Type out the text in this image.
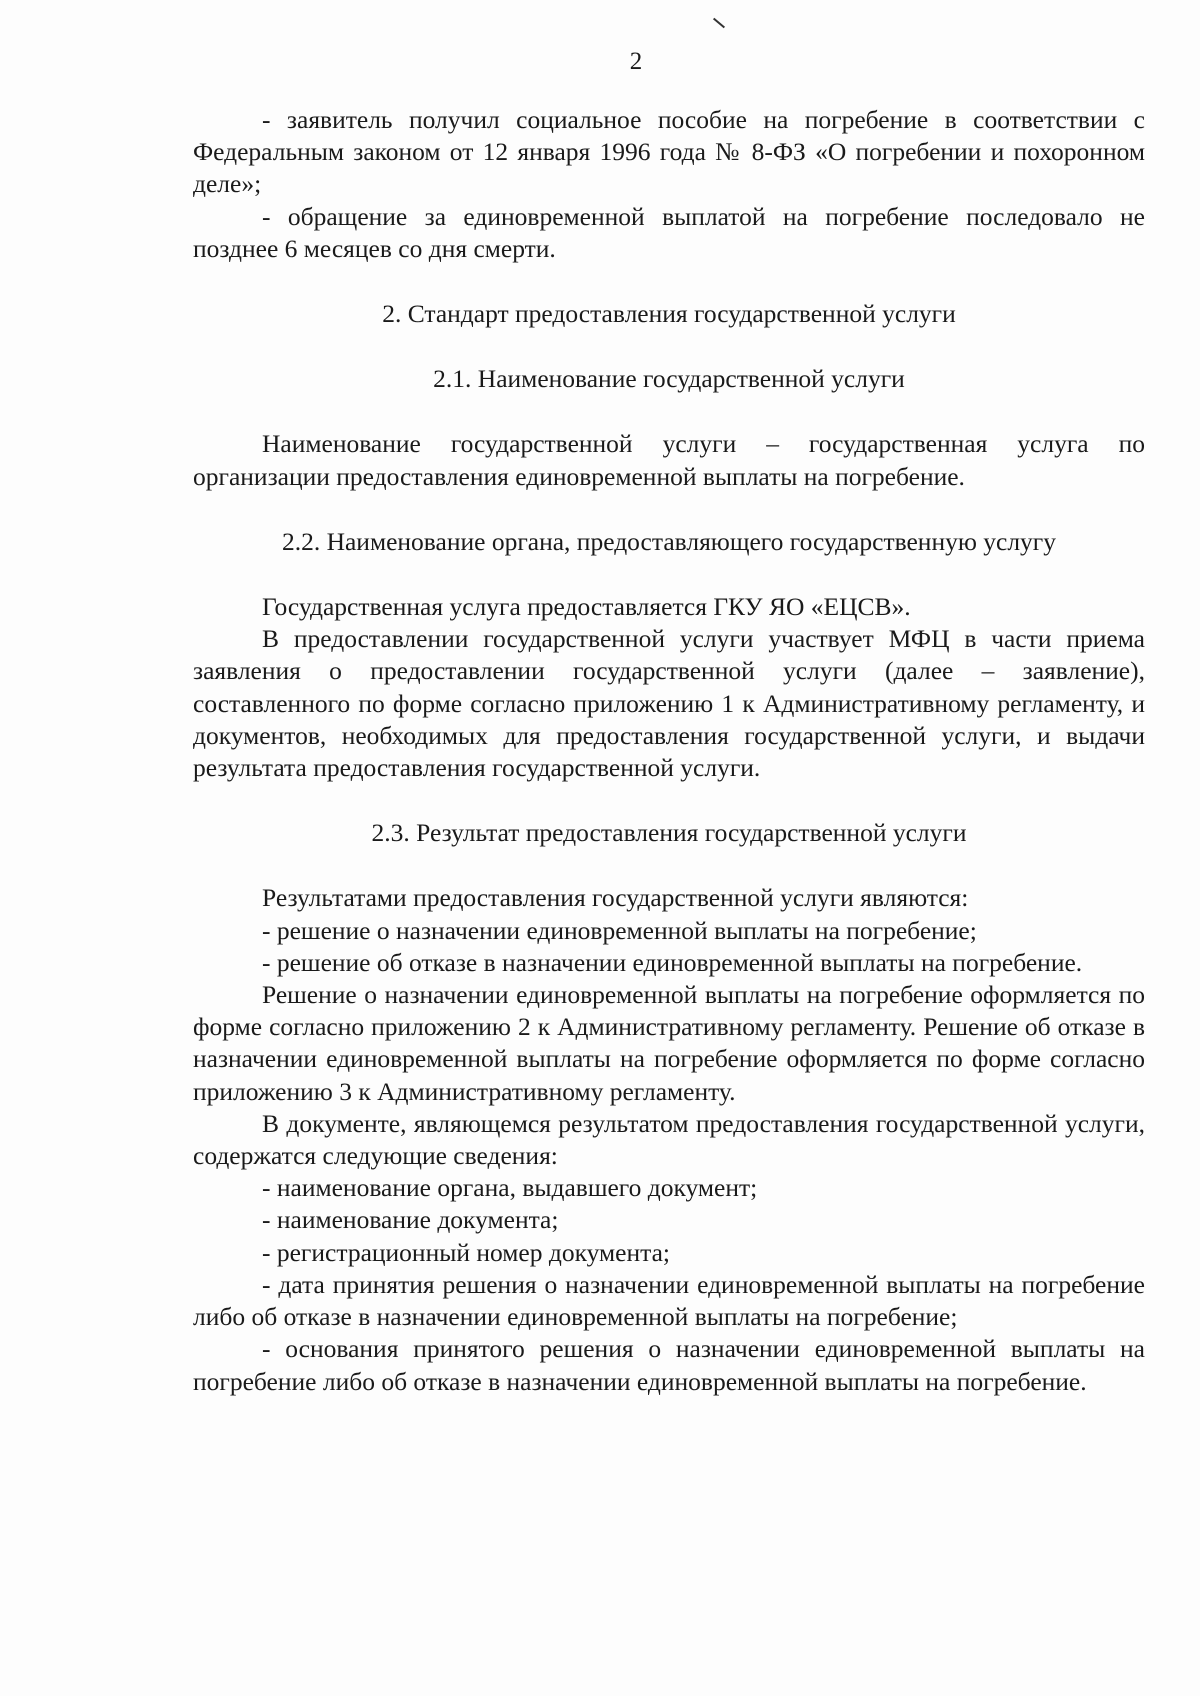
2

- заявитель получил социальное пособие на погребение в соответствии с Федеральным законом от 12 января 1996 года № 8-ФЗ «О погребении и похоронном деле»;

- обращение за единовременной выплатой на погребение последовало не позднее 6 месяцев со дня смерти.

2. Стандарт предоставления государственной услуги

2.1. Наименование государственной услуги

Наименование государственной услуги – государственная услуга по организации предоставления единовременной выплаты на погребение.

2.2. Наименование органа, предоставляющего государственную услугу

Государственная услуга предоставляется ГКУ ЯО «ЕЦСВ».

В предоставлении государственной услуги участвует МФЦ в части приема заявления о предоставлении государственной услуги (далее – заявление), составленного по форме согласно приложению 1 к Административному регламенту, и документов, необходимых для предоставления государственной услуги, и выдачи результата предоставления государственной услуги.

2.3. Результат предоставления государственной услуги

Результатами предоставления государственной услуги являются:

- решение о назначении единовременной выплаты на погребение;

- решение об отказе в назначении единовременной выплаты на погребение.

Решение о назначении единовременной выплаты на погребение оформляется по форме согласно приложению 2 к Административному регламенту. Решение об отказе в назначении единовременной выплаты на погребение оформляется по форме согласно приложению 3 к Административному регламенту.

В документе, являющемся результатом предоставления государственной услуги, содержатся следующие сведения:

- наименование органа, выдавшего документ;

- наименование документа;

- регистрационный номер документа;

- дата принятия решения о назначении единовременной выплаты на погребение либо об отказе в назначении единовременной выплаты на погребение;

- основания принятого решения о назначении единовременной выплаты на погребение либо об отказе в назначении единовременной выплаты на погребение.
